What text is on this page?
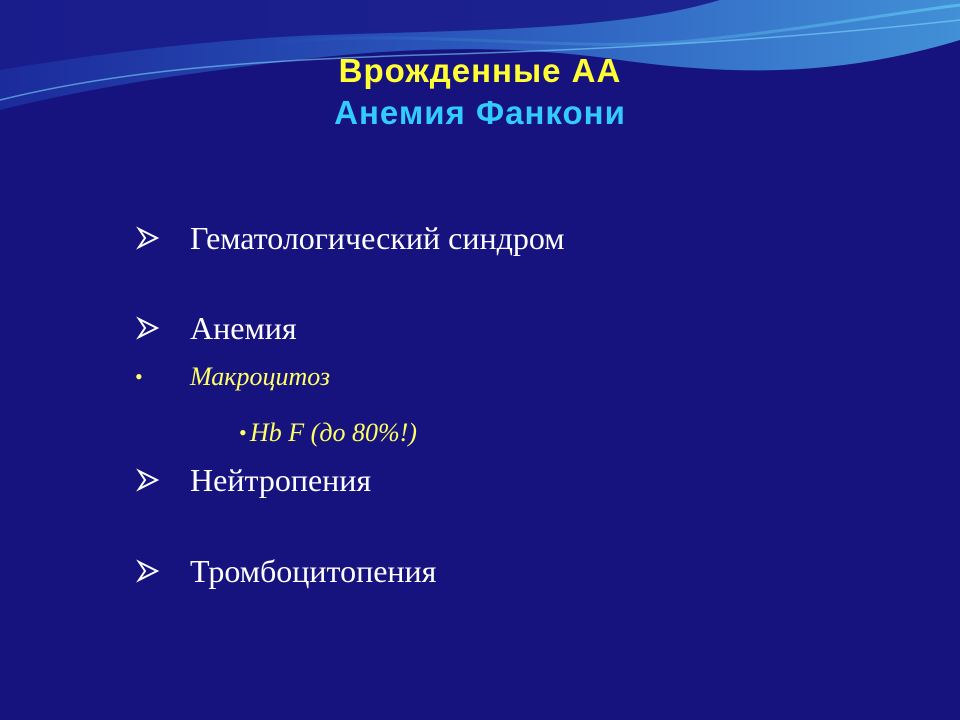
Врожденные АА
Анемия Фанкони
Гематологический синдром
Анемия
• Макроцитоз
• Hb F (до 80%!)
Нейтропения
Тромбоцитопения
